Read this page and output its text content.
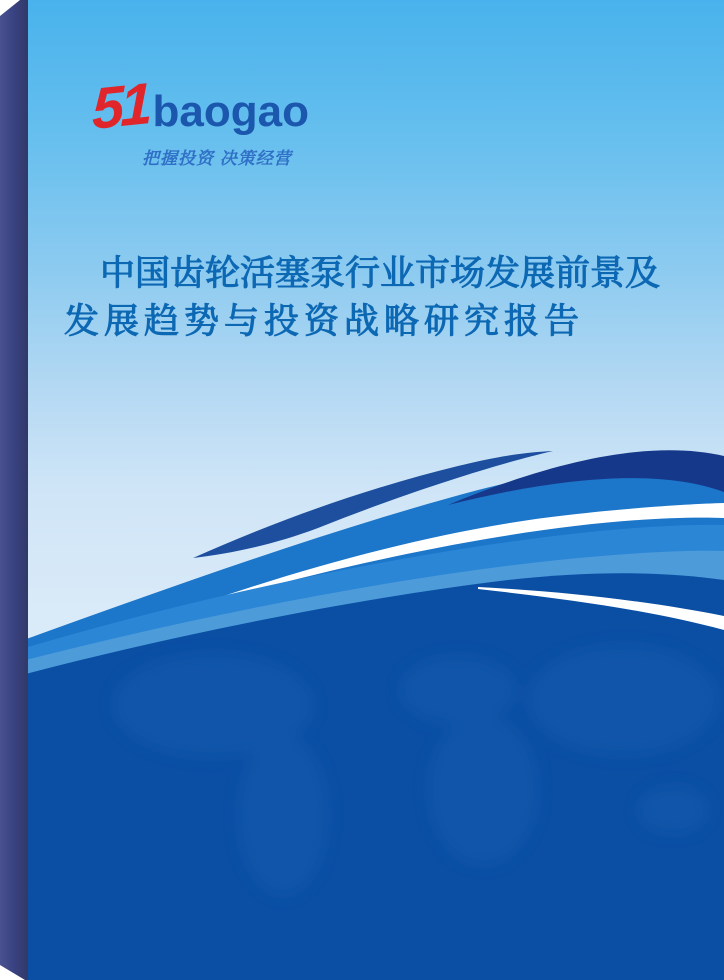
51 baogao
把握投资 决策经营
中国齿轮活塞泵行业市场发展前景及
发展趋势与投资战略研究报告
